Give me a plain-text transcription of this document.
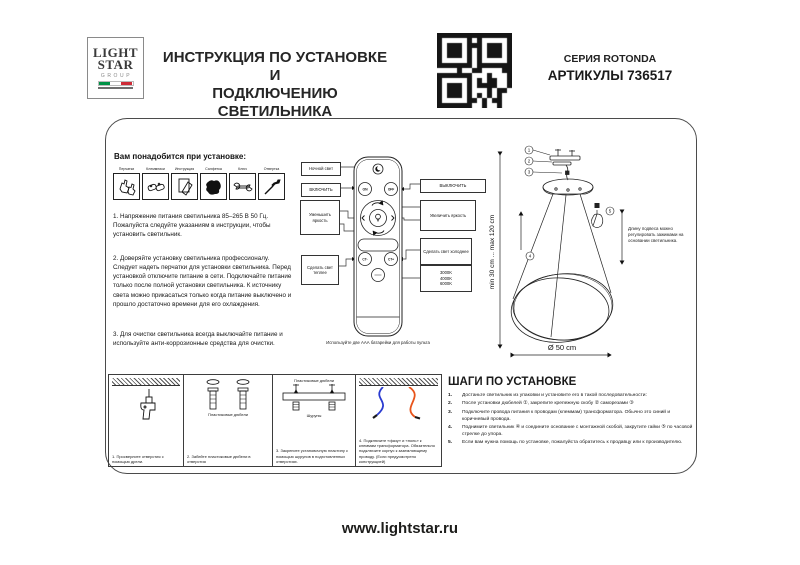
LIGHT
STAR
GROUP
ИНСТРУКЦИЯ ПО УСТАНОВКЕ И
ПОДКЛЮЧЕНИЮ СВЕТИЛЬНИКА
СЕРИЯ ROTONDA
АРТИКУЛЫ 736517
Вам понадобится при установке:
Перчатки	Клеммники	Инструкция	Салфетка	Ключ	Отвертка
1. Напряжение питания светильника 85–265 В 50 Гц. Пожалуйста следуйте указаниям в инструкции, чтобы установить светильник.
2. Доверяйте установку светильника профессионалу. Следует надеть перчатки для установки светильника. Перед установкой отключите питание в сети. Подключайте питание только после полной установки светильника. К источнику света можно прикасаться только когда питание выключено и прошло достаточно времени для его охлаждения.
3. Для очистки светильника всегда выключайте питание и используйте анти-коррозионные средства для очистки.
ON	OFF
CT-	CT+
Ночной свет
ВКЛЮЧИТЬ
Уменьшить яркость
Сделать свет теплее
ВЫКЛЮЧИТЬ
Увеличить яркость
Сделать свет холоднее
3000K
4000K
6000K
Используйте две ААА батарейки для работы пульта
1
2
3
4
5
min 30 cm ... max 120 cm
Ø 50 cm
Длину подвеса можно регулировать зажимами на основании светильника.
1. Просверлите отверстия с помощью дрели.
Пластиковые дюбели
2. Забейте пластиковые дюбели в отверстия
Пластиковые дюбели
Шурупы
3. Закрепите установочную пластину с помощью шурупов в подготовленных отверстиях.
4. Подключите «фазу» и «ноль» к клеммам трансформатора. Обязательно подключите корпус к заземляющему проводу. (Если предусмотрено конструкцией)
ШАГИ ПО УСТАНОВКЕ
1.	Достаньте светильник из упаковки и установите его в такой последовательности:
2.	После установки дюбелей ①, закрепите крепежную скобу ② саморезами ③
3.	Подключите провода питания к проводам (клеммам) трансформатора. Обычно это синий и коричневый провода.
4.	Поднимите светильник ④ и соедините основание с монтажной скобой, закрутите гайки ⑤ по часовой стрелке до упора.
5.	Если вам нужна помощь по установке, пожалуйста обратитесь к продавцу или к производителю.
www.lightstar.ru
